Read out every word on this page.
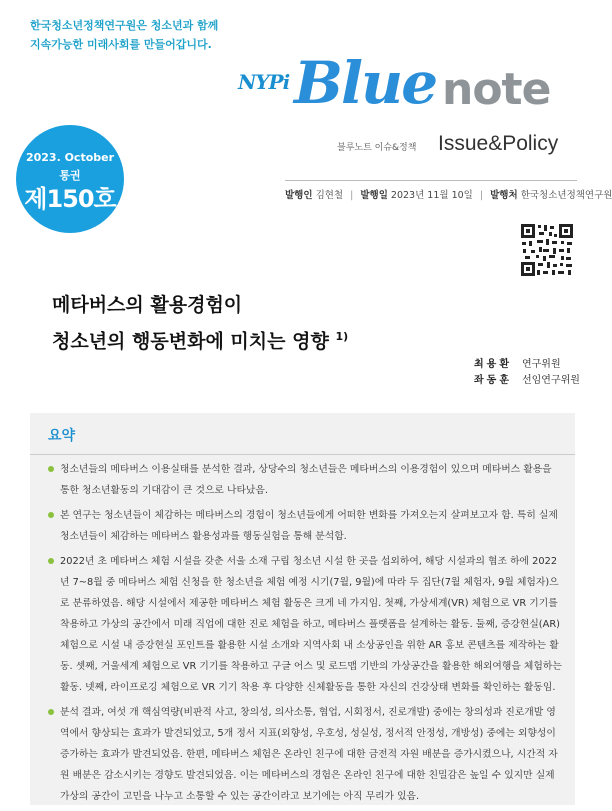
한국청소년정책연구원은 청소년과 함께
지속가능한 미래사회를 만들어갑니다.
NYPi Blue note
블루노트 이슈&정책 Issue&Policy
2023. October
통권
제150호	발행인 김현철 | 발행일 2023년 11월 10일 | 발행처 한국청소년정책연구원
메타버스의 활용경험이
청소년의 행동변화에 미치는 영향 $^{1)}$
최용환 연구위원
좌동훈 선임연구위원
요약
청소년들의 메타버스 이용실태를 분석한 결과, 상당수의 청소년들은 메타버스의 이용경험이 있으며 메타버스 활용을 통한 청소년활동의 기대감이 큰 것으로 나타났음.
본 연구는 청소년들이 체감하는 메타버스의 경험이 청소년들에게 어떠한 변화를 가져오는지 살펴보고자 함. 특히 실제 청소년들이 체감하는 메타버스 활용성과를 행동실험을 통해 분석함.
2022년 초 메타버스 체험 시설을 갖춘 서울 소재 구립 청소년 시설 한 곳을 섭외하여, 해당 시설과의 협조 하에 2022년 7~8월 중 메타버스 체험 신청을 한 청소년을 체험 예정 시기(7월, 9월)에 따라 두 집단(7월 체험자, 9월 체험자)으로 분류하였음. 해당 시설에서 제공한 메타버스 체험 활동은 크게 네 가지임. 첫째, 가상세계(VR) 체험으로 VR 기기를 착용하고 가상의 공간에서 미래 직업에 대한 진로 체험을 하고, 메타버스 플랫폼을 설계하는 활동. 둘째, 증강현실(AR) 체험으로 시설 내 증강현실 포인트를 활용한 시설 소개와 지역사회 내 소상공인을 위한 AR 홍보 콘텐츠를 제작하는 활동. 셋째, 거울세계 체험으로 VR 기기를 착용하고 구글 어스 및 로드맵 기반의 가상공간을 활용한 해외여행을 체험하는 활동. 넷째, 라이프로깅 체험으로 VR 기기 착용 후 다양한 신체활동을 통한 자신의 건강상태 변화를 확인하는 활동임.
분석 결과, 여섯 개 핵심역량(비판적 사고, 창의성, 의사소통, 협업, 시회정서, 진로개발) 중에는 창의성과 진로개발 영역에서 향상되는 효과가 발견되었고, 5개 정서 지표(외향성, 우호성, 성실성, 정서적 안정성, 개방성) 중에는 외향성이 증가하는 효과가 발견되었음. 한편, 메타버스 체험은 온라인 친구에 대한 금전적 자원 배분을 증가시켰으나, 시간적 자원 배분은 감소시키는 경향도 발견되었음. 이는 메타버스의 경험은 온라인 친구에 대한 친밀감은 높일 수 있지만 실제 가상의 공간이 고민을 나누고 소통할 수 있는 공간이라고 보기에는 아직 무리가 있음.
